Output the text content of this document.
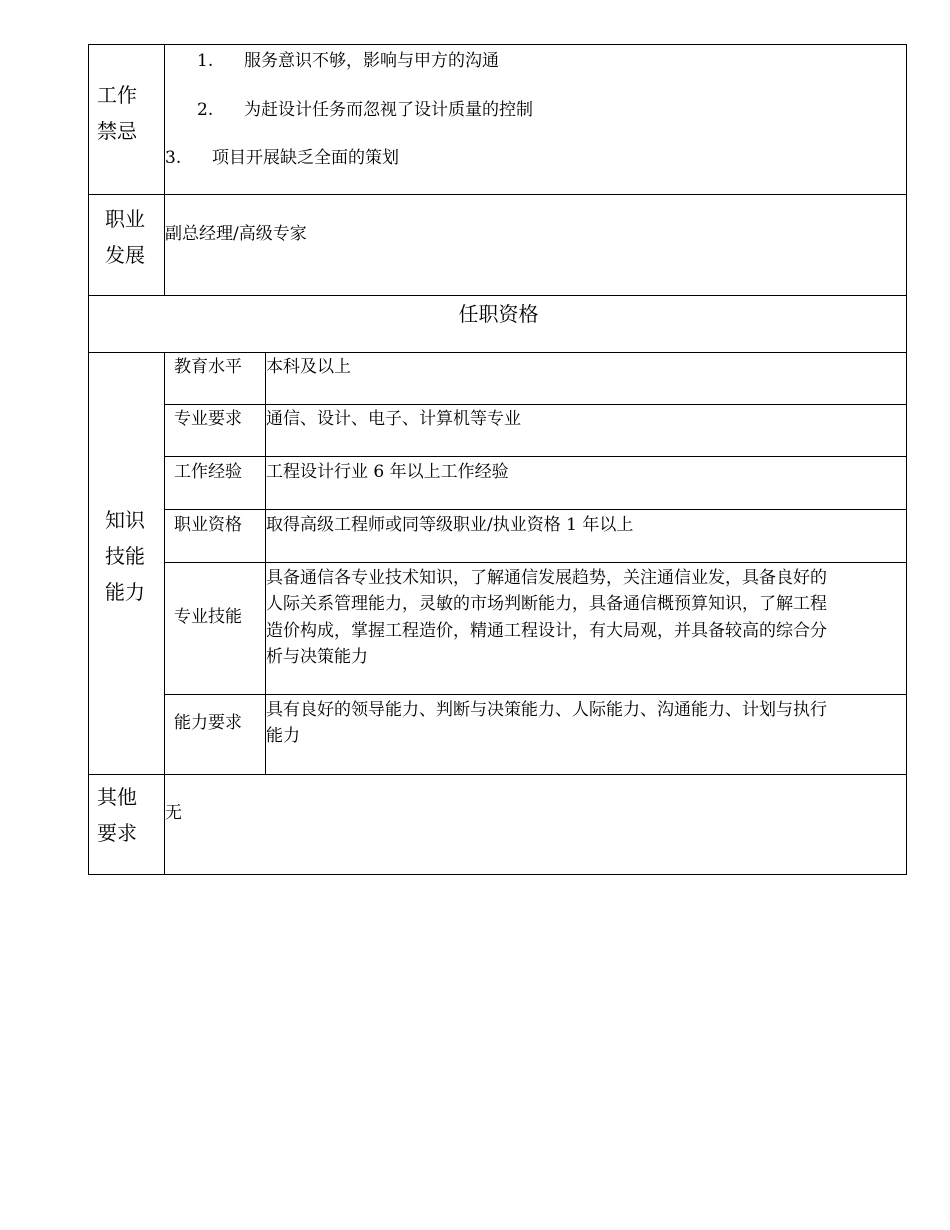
工作
禁忌
1. 服务意识不够，影响与甲方的沟通
2. 为赶设计任务而忽视了设计质量的控制
3. 项目开展缺乏全面的策划
职业
发展
副总经理/高级专家
任职资格
知识
技能
能力
教育水平 本科及以上
专业要求 通信、设计、电子、计算机等专业
工作经验 工程设计行业 6 年以上工作经验
职业资格 取得高级工程师或同等级职业/执业资格 1 年以上
专业技能
具备通信各专业技术知识，了解通信发展趋势，关注通信业发，具备良好的
人际关系管理能力，灵敏的市场判断能力，具备通信概预算知识，了解工程
造价构成，掌握工程造价，精通工程设计，有大局观，并具备较高的综合分
析与决策能力
能力要求
具有良好的领导能力、判断与决策能力、人际能力、沟通能力、计划与执行
能力
其他
要求
无
